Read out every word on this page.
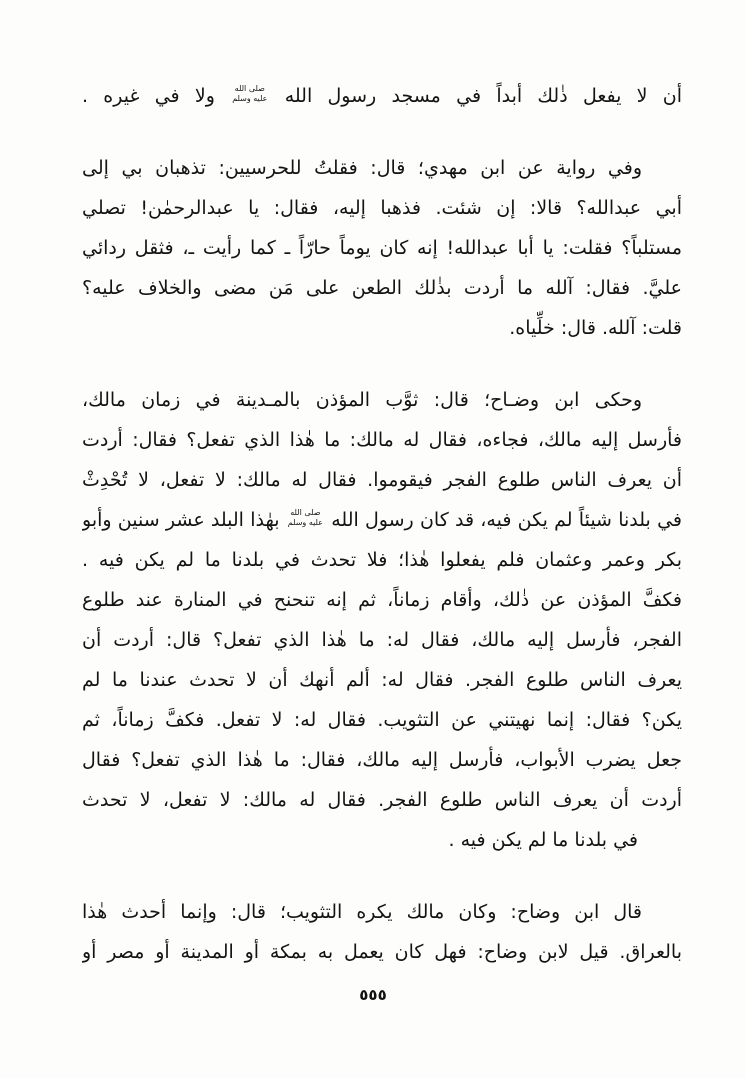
أن لا يفعل ذٰلك أبداً في مسجد رسول الله
صلى الله
عليه وسلم
ولا في غيره .
وفي رواية عن ابن مهدي؛ قال: فقلتُ للحرسيين: تذهبان بي إلى
أبي عبدالله؟ قالا: إن شئت. فذهبا إليه، فقال: يا عبدالرحمٰن! تصلي
مستلباً؟ فقلت: يا أبا عبدالله! إنه كان يوماً حارّاً ـ كما رأيت ـ، فثقل ردائي
عليَّ. فقال: آلله ما أردت بذٰلك الطعن على مَن مضى والخلاف عليه؟
قلت: آلله. قال: خلِّياه.
وحكى ابن وضـاح؛ قال: ثوَّب المؤذن بالمـدينة في زمان مالك،
فأرسل إليه مالك، فجاءه، فقال له مالك: ما هٰذا الذي تفعل؟ فقال: أردت
أن يعرف الناس طلوع الفجر فيقوموا. فقال له مالك: لا تفعل، لا تُحْدِثْ
في بلدنا شيئاً لم يكن فيه، قد كان رسول الله
صلى الله
عليه وسلم
بهٰذا البلد عشر سنين وأبو
بكر وعمر وعثمان فلم يفعلوا هٰذا؛ فلا تحدث في بلدنا ما لم يكن فيه .
فكفَّ المؤذن عن ذٰلك، وأقام زماناً، ثم إنه تنحنح في المنارة عند طلوع
الفجر، فأرسل إليه مالك، فقال له: ما هٰذا الذي تفعل؟ قال: أردت أن
يعرف الناس طلوع الفجر. فقال له: ألم أنهك أن لا تحدث عندنا ما لم
يكن؟ فقال: إنما نهيتني عن التثويب. فقال له: لا تفعل. فكفَّ زماناً، ثم
جعل يضرب الأبواب، فأرسل إليه مالك، فقال: ما هٰذا الذي تفعل؟ فقال
أردت أن يعرف الناس طلوع الفجر. فقال له مالك: لا تفعل، لا تحدث
في بلدنا ما لم يكن فيه .
قال ابن وضاح: وكان مالك يكره التثويب؛ قال: وإنما أحدث هٰذا
بالعراق. قيل لابن وضاح: فهل كان يعمل به بمكة أو المدينة أو مصر أو
٥٥٥
